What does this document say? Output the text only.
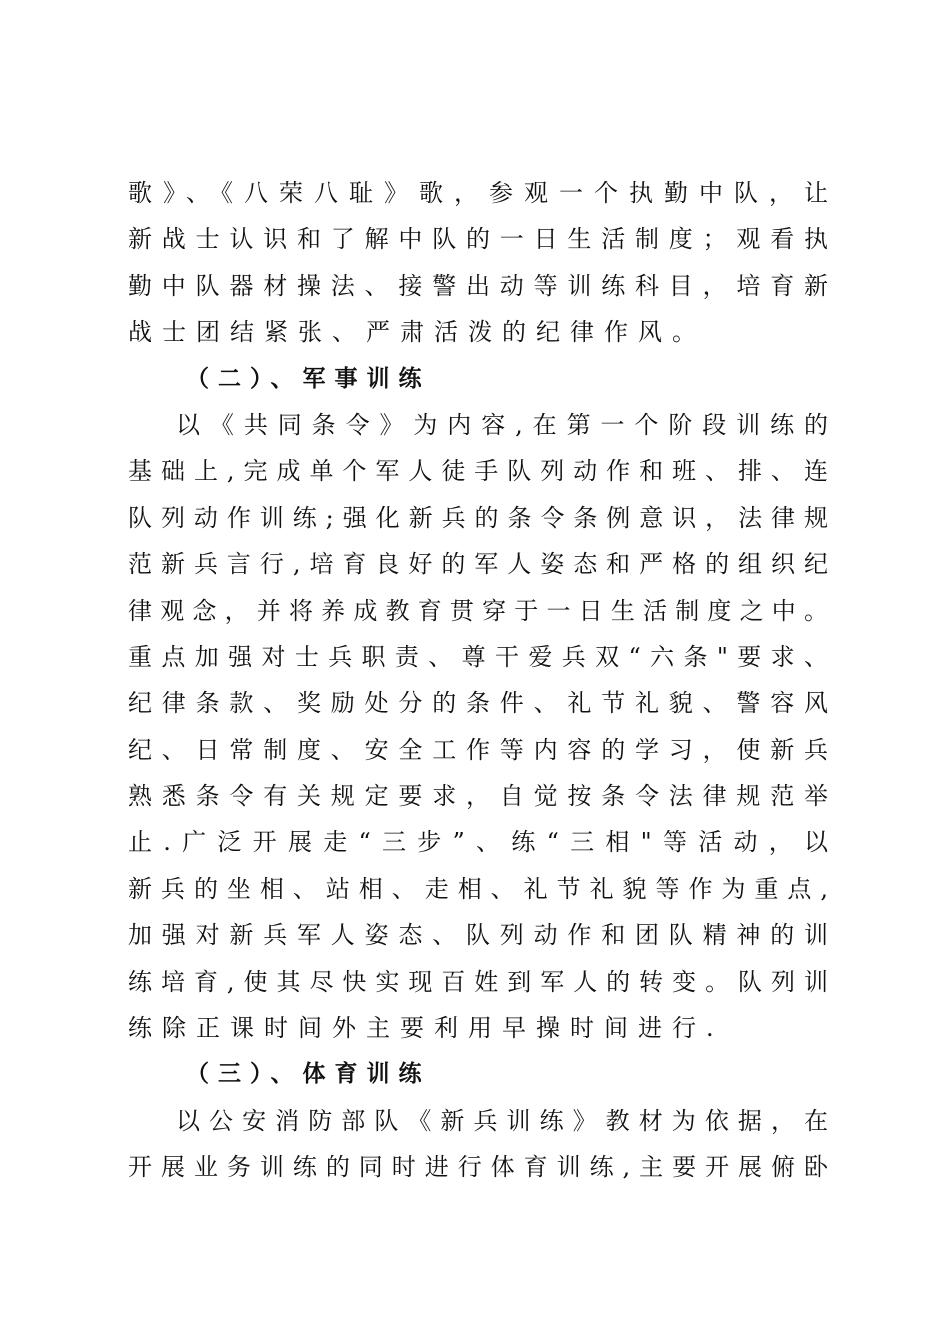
歌》、《八荣八耻》歌，参观一个执勤中队，让
新战士认识和了解中队的一日生活制度；观看执
勤中队器材操法、接警出动等训练科目，培育新
战士团结紧张、严肃活泼的纪律作风。
（二）、军事训练
以《共同条令》为内容,在第一个阶段训练的
基础上,完成单个军人徒手队列动作和班、排、连
队列动作训练;强化新兵的条令条例意识，法律规
范新兵言行,培育良好的军人姿态和严格的组织纪
律观念，并将养成教育贯穿于一日生活制度之中。
重点加强对士兵职责、尊干爱兵双“六条"要求、
纪律条款、奖励处分的条件、礼节礼貌、警容风
纪、日常制度、安全工作等内容的学习，使新兵
熟悉条令有关规定要求，自觉按条令法律规范举
止.广泛开展走“三步”、练“三相"等活动，以
新兵的坐相、站相、走相、礼节礼貌等作为重点,
加强对新兵军人姿态、队列动作和团队精神的训
练培育,使其尽快实现百姓到军人的转变。队列训
练除正课时间外主要利用早操时间进行.
（三）、体育训练
以公安消防部队《新兵训练》教材为依据，在
开展业务训练的同时进行体育训练,主要开展俯卧
